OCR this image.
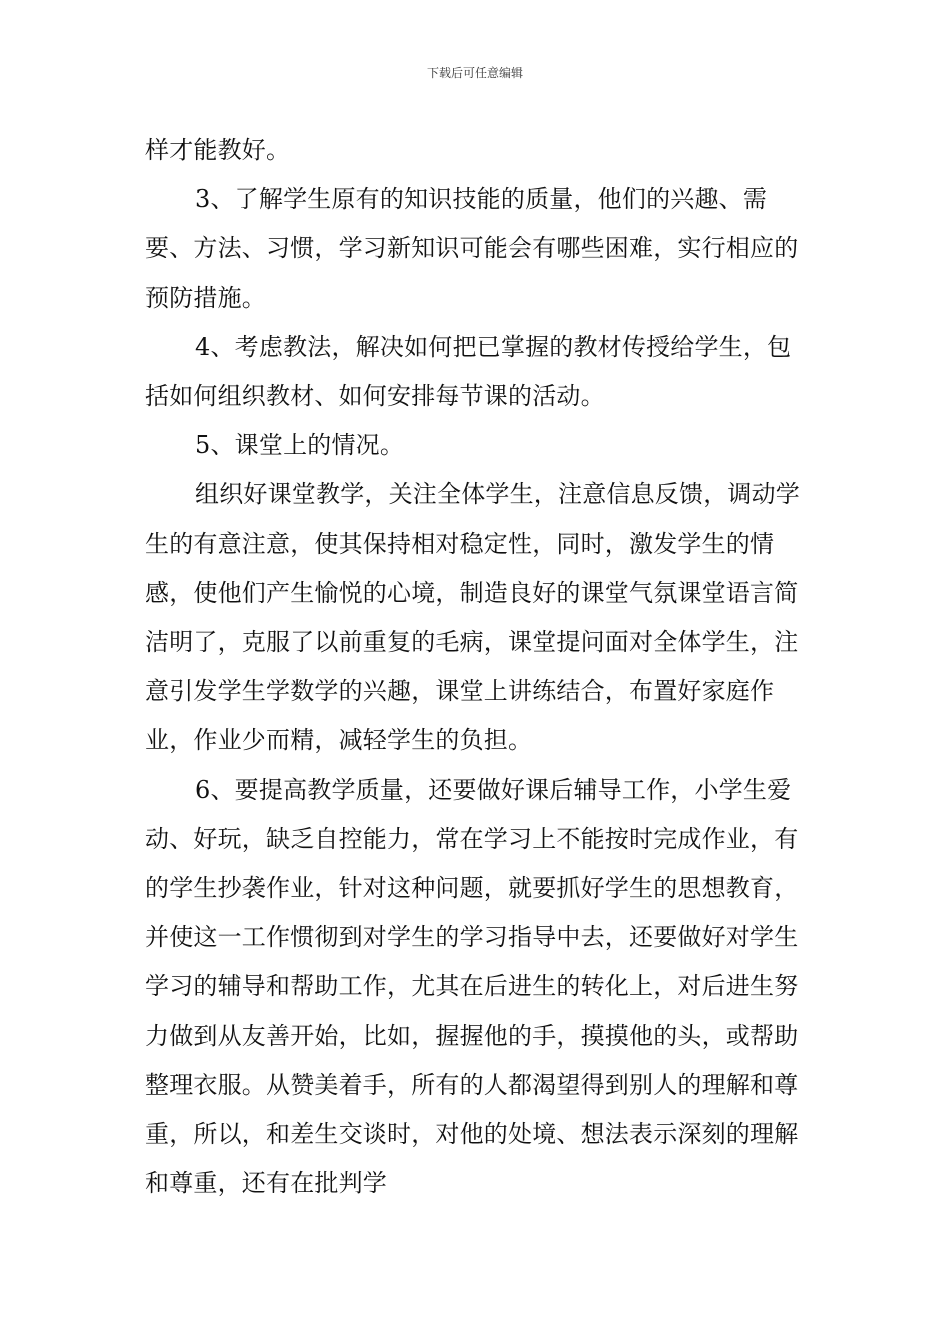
下载后可任意编辑

样才能教好。

3、了解学生原有的知识技能的质量，他们的兴趣、需要、方法、习惯，学习新知识可能会有哪些困难，实行相应的预防措施。

4、考虑教法，解决如何把已掌握的教材传授给学生，包括如何组织教材、如何安排每节课的活动。

5、课堂上的情况。

组织好课堂教学，关注全体学生，注意信息反馈，调动学生的有意注意，使其保持相对稳定性，同时，激发学生的情感，使他们产生愉悦的心境，制造良好的课堂气氛课堂语言简洁明了，克服了以前重复的毛病，课堂提问面对全体学生，注意引发学生学数学的兴趣，课堂上讲练结合，布置好家庭作业，作业少而精，减轻学生的负担。

6、要提高教学质量，还要做好课后辅导工作，小学生爱动、好玩，缺乏自控能力，常在学习上不能按时完成作业，有的学生抄袭作业，针对这种问题，就要抓好学生的思想教育，并使这一工作惯彻到对学生的学习指导中去，还要做好对学生学习的辅导和帮助工作，尤其在后进生的转化上，对后进生努力做到从友善开始，比如，握握他的手，摸摸他的头，或帮助整理衣服。从赞美着手，所有的人都渴望得到别人的理解和尊重，所以，和差生交谈时，对他的处境、想法表示深刻的理解和尊重，还有在批判学
